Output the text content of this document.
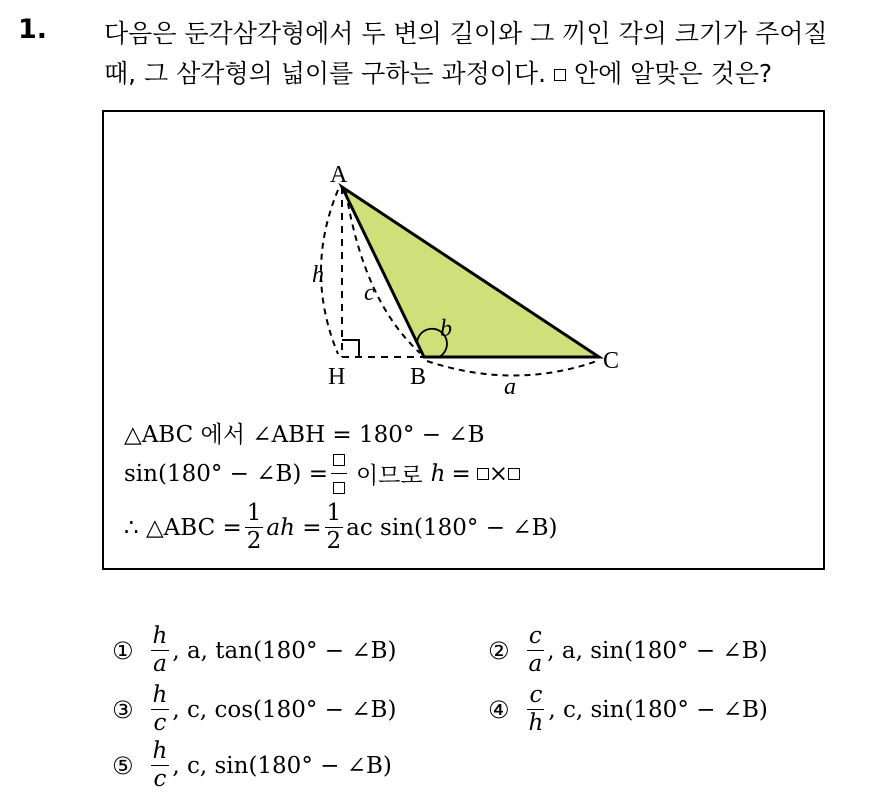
1. 다음은 둔각삼각형에서 두 변의 길이와 그 끼인 각의 크기가 주어질
때, 그 삼각형의 넓이를 구하는 과정이다. 안에 알맞은 것은?
A
B
C
H
h
c
a
b
△ABC 에서 ∠ABH = 180° − ∠B
sin(180° − ∠B) = 이므로 h = ×
∴ △ABC = $\frac{1}{2}$ ah = $\frac{1}{2}$ ac sin(180° − ∠B)
① $\frac{h}{a}$ , a, tan(180° − ∠B)	② $\frac{c}{a}$ , a, sin(180° − ∠B)
③ $\frac{h}{c}$ , c, cos(180° − ∠B)	④ $\frac{c}{h}$ , c, sin(180° − ∠B)
⑤ $\frac{h}{c}$ , c, sin(180° − ∠B)
